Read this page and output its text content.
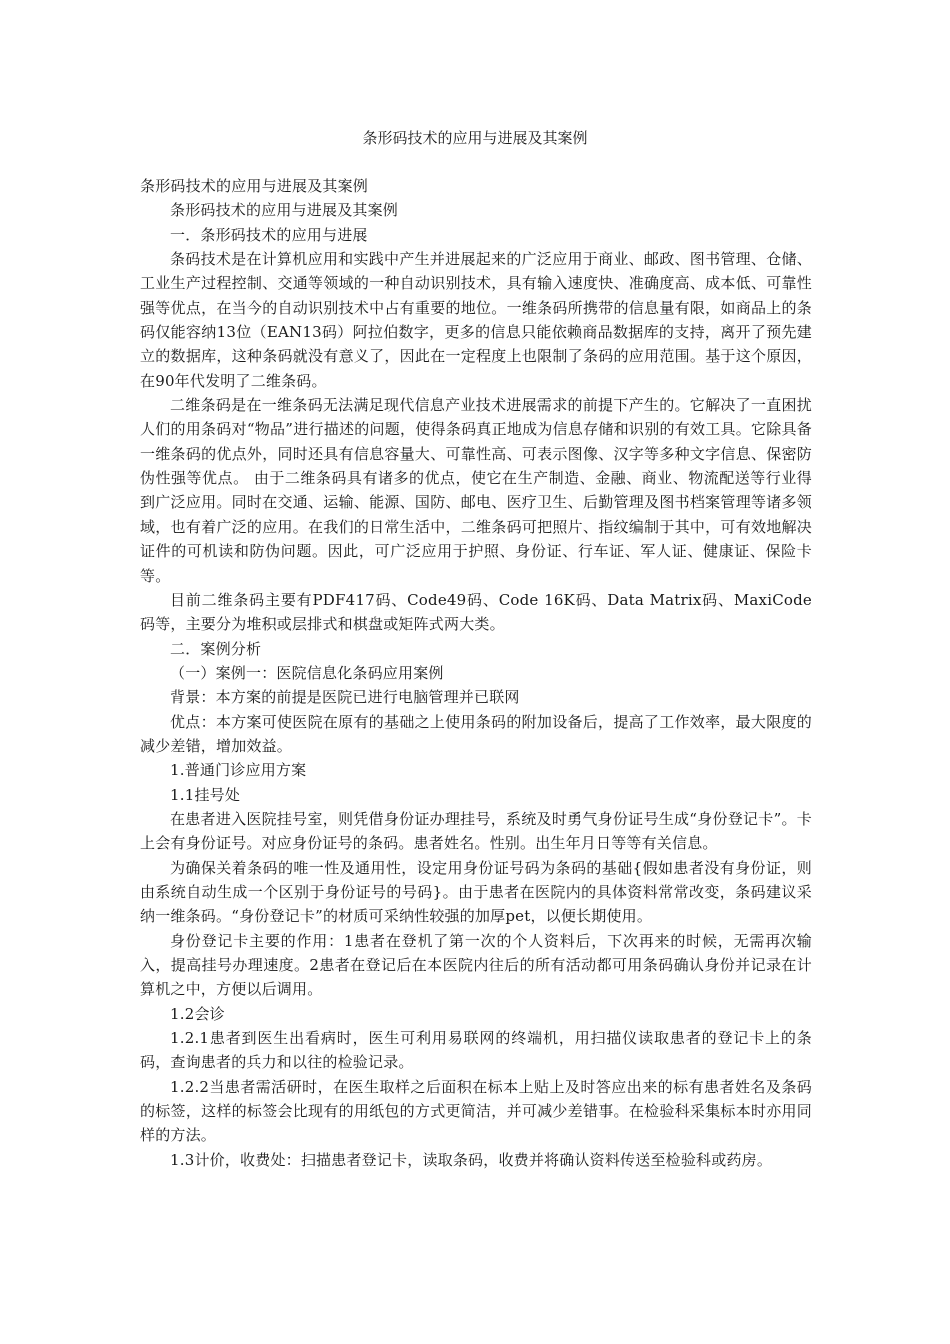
条形码技术的应用与进展及其案例

条形码技术的应用与进展及其案例

条形码技术的应用与进展及其案例

一．条形码技术的应用与进展

条码技术是在计算机应用和实践中产生并进展起来的广泛应用于商业、邮政、图书管理、仓储、工业生产过程控制、交通等领域的一种自动识别技术，具有输入速度快、准确度高、成本低、可靠性强等优点，在当今的自动识别技术中占有重要的地位。一维条码所携带的信息量有限，如商品上的条码仅能容纳13位（EAN13码）阿拉伯数字，更多的信息只能依赖商品数据库的支持，离开了预先建立的数据库，这种条码就没有意义了，因此在一定程度上也限制了条码的应用范围。基于这个原因，在90年代发明了二维条码。

二维条码是在一维条码无法满足现代信息产业技术进展需求的前提下产生的。它解决了一直困扰人们的用条码对“物品”进行描述的问题，使得条码真正地成为信息存储和识别的有效工具。它除具备一维条码的优点外，同时还具有信息容量大、可靠性高、可表示图像、汉字等多种文字信息、保密防伪性强等优点。 由于二维条码具有诸多的优点，使它在生产制造、金融、商业、物流配送等行业得到广泛应用。同时在交通、运输、能源、国防、邮电、医疗卫生、后勤管理及图书档案管理等诸多领域，也有着广泛的应用。在我们的日常生活中，二维条码可把照片、指纹编制于其中，可有效地解决证件的可机读和防伪问题。因此，可广泛应用于护照、身份证、行车证、军人证、健康证、保险卡等。

目前二维条码主要有PDF417码、Code49码、Code 16K码、Data Matrix码、MaxiCode码等，主要分为堆积或层排式和棋盘或矩阵式两大类。

二．案例分析

（一）案例一：医院信息化条码应用案例

背景：本方案的前提是医院已进行电脑管理并已联网

优点：本方案可使医院在原有的基础之上使用条码的附加设备后，提高了工作效率，最大限度的减少差错，增加效益。

1.普通门诊应用方案

1.1挂号处

在患者进入医院挂号室，则凭借身份证办理挂号，系统及时勇气身份证号生成“身份登记卡”。卡上会有身份证号。对应身份证号的条码。患者姓名。性别。出生年月日等等有关信息。

为确保关着条码的唯一性及通用性，设定用身份证号码为条码的基础{假如患者没有身份证，则由系统自动生成一个区别于身份证号的号码}。由于患者在医院内的具体资料常常改变，条码建议采纳一维条码。“身份登记卡”的材质可采纳性较强的加厚pet，以便长期使用。

身份登记卡主要的作用：1患者在登机了第一次的个人资料后，下次再来的时候，无需再次输入，提高挂号办理速度。2患者在登记后在本医院内往后的所有活动都可用条码确认身份并记录在计算机之中，方便以后调用。

1.2会诊

1.2.1患者到医生出看病时，医生可利用易联网的终端机，用扫描仪读取患者的登记卡上的条码，查询患者的兵力和以往的检验记录。

1.2.2当患者需活研时，在医生取样之后面积在标本上贴上及时答应出来的标有患者姓名及条码的标签，这样的标签会比现有的用纸包的方式更简洁，并可减少差错事。在检验科采集标本时亦用同样的方法。

1.3计价，收费处：扫描患者登记卡，读取条码，收费并将确认资料传送至检验科或药房。
